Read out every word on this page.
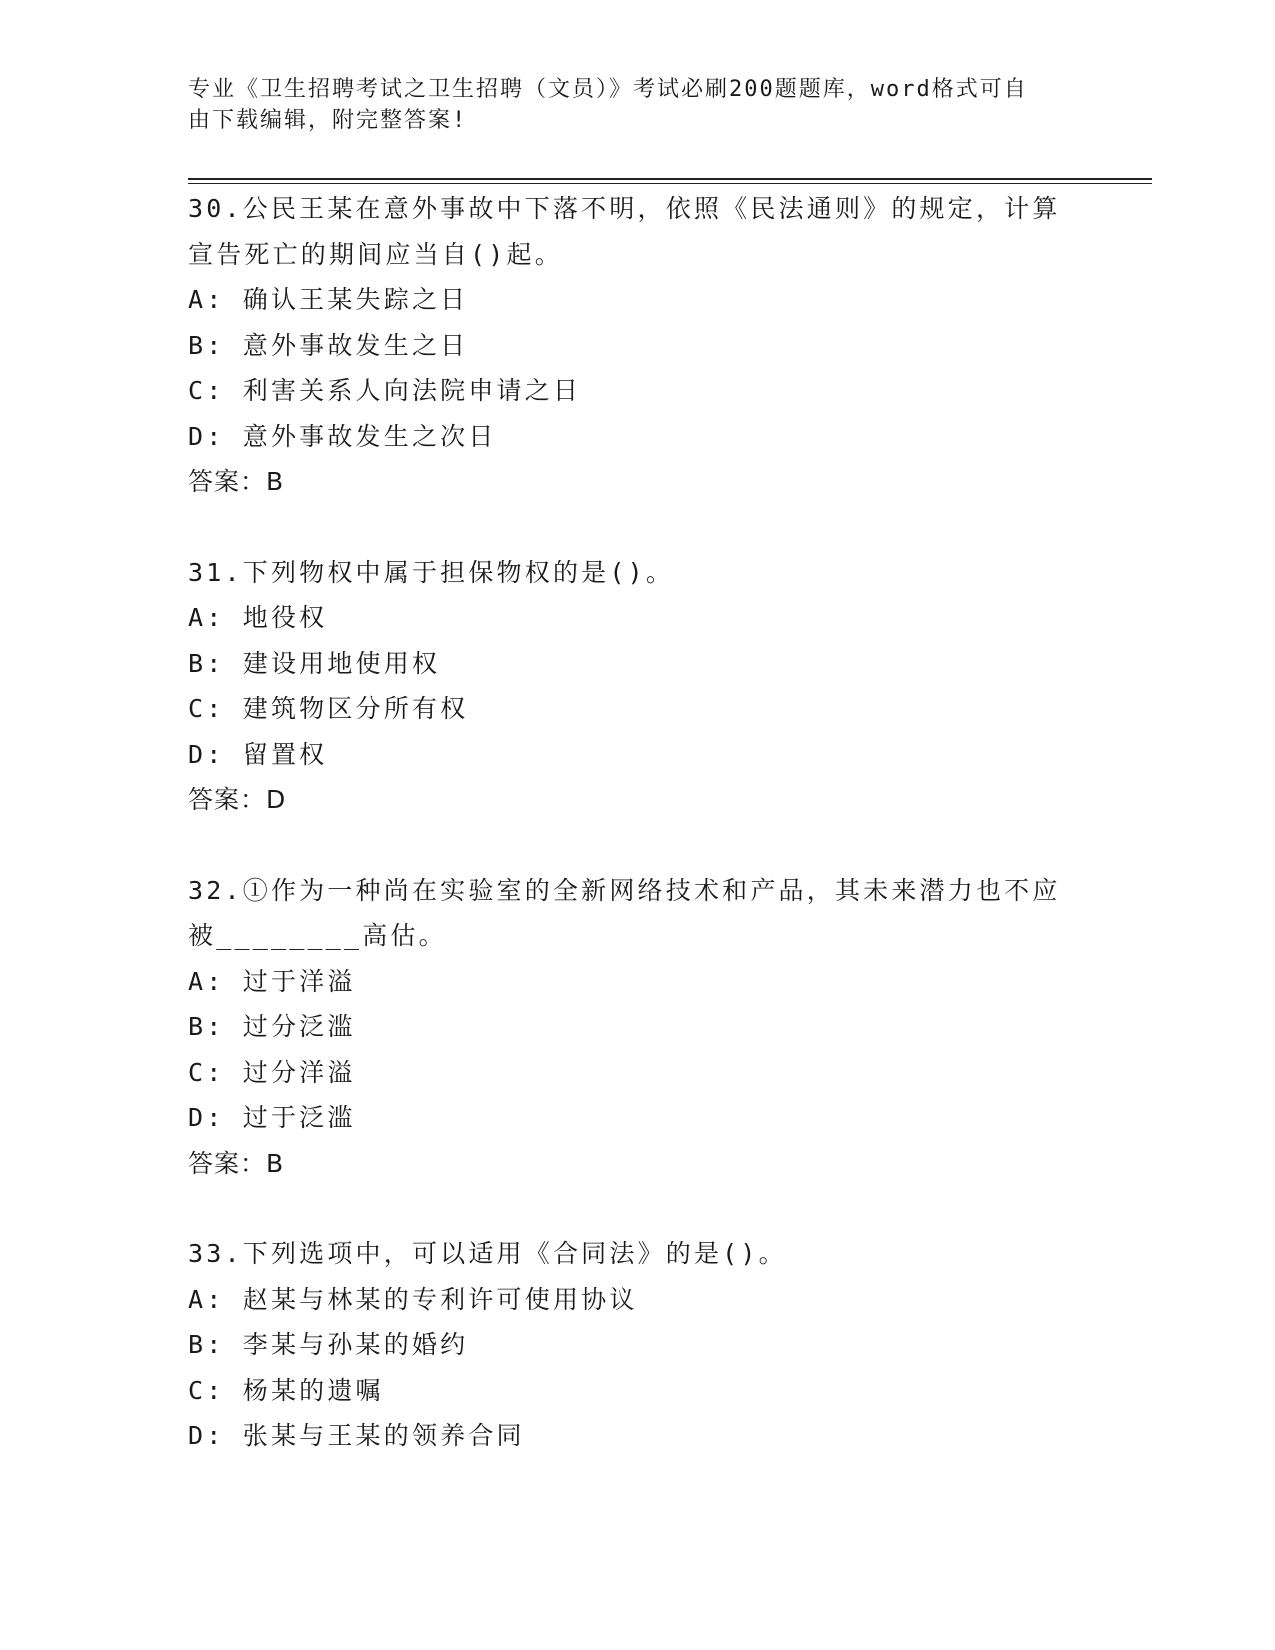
专业《卫生招聘考试之卫生招聘（文员）》考试必刷200题题库，word格式可自
由下载编辑，附完整答案!
30.公民王某在意外事故中下落不明，依照《民法通则》的规定，计算
宣告死亡的期间应当自()起。
A: 确认王某失踪之日
B: 意外事故发生之日
C: 利害关系人向法院申请之日
D: 意外事故发生之次日
答案：B
31.下列物权中属于担保物权的是()。
A: 地役权
B: 建设用地使用权
C: 建筑物区分所有权
D: 留置权
答案：D
32.①作为一种尚在实验室的全新网络技术和产品，其未来潜力也不应
被________高估。
A: 过于洋溢
B: 过分泛滥
C: 过分洋溢
D: 过于泛滥
答案：B
33.下列选项中，可以适用《合同法》的是()。
A: 赵某与林某的专利许可使用协议
B: 李某与孙某的婚约
C: 杨某的遗嘱
D: 张某与王某的领养合同
